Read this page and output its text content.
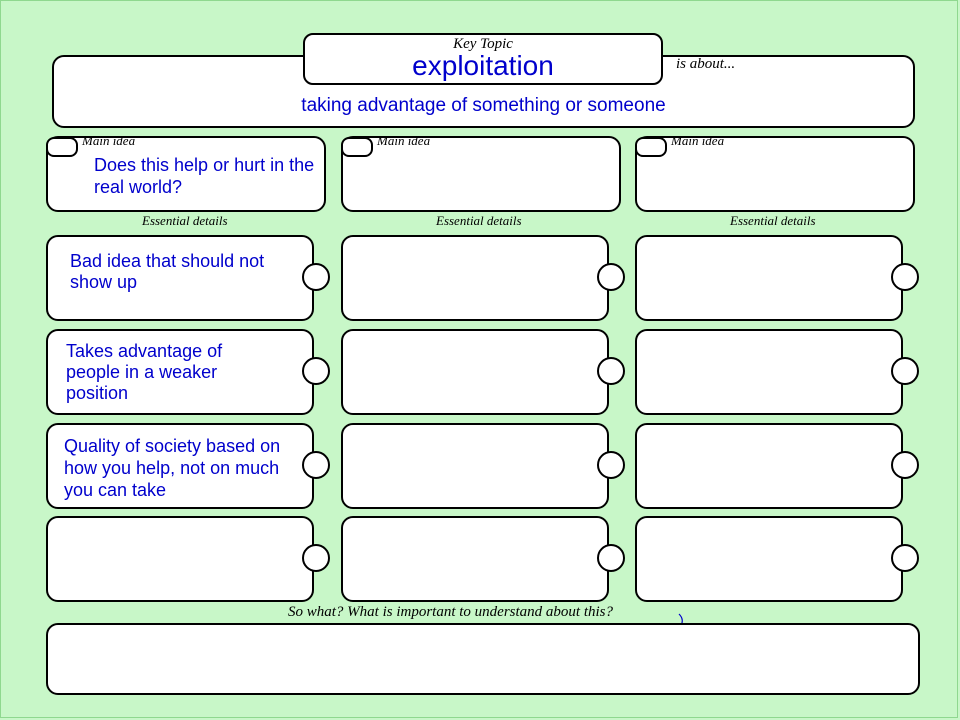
taking advantage of something or someone
is about...
Key Topic
exploitation
Does this help or hurt in the real world?
Main idea	Main idea	Main idea
Essential details	Essential details	Essential details
Bad idea that should not show up
Takes advantage of people in a weaker position
Quality of society based on how you help, not on much you can take
So what? What is important to understand about this?
